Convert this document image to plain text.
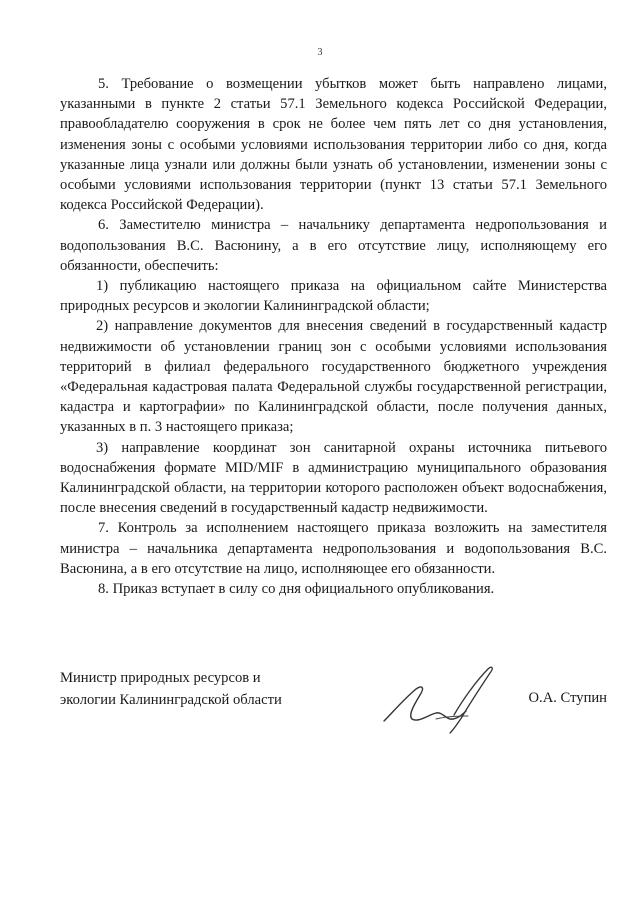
3

5. Требование о возмещении убытков может быть направлено лицами, указанными в пункте 2 статьи 57.1 Земельного кодекса Российской Федерации, правообладателю сооружения в срок не более чем пять лет со дня установления, изменения зоны с особыми условиями использования территории либо со дня, когда указанные лица узнали или должны были узнать об установлении, изменении зоны с особыми условиями использования территории (пункт 13 статьи 57.1 Земельного кодекса Российской Федерации).

6. Заместителю министра – начальнику департамента недропользования и водопользования В.С. Васюнину, а в его отсутствие лицу, исполняющему его обязанности, обеспечить:

1) публикацию настоящего приказа на официальном сайте Министерства природных ресурсов и экологии Калининградской области;

2) направление документов для внесения сведений в государственный кадастр недвижимости об установлении границ зон с особыми условиями использования территорий в филиал федерального государственного бюджетного учреждения «Федеральная кадастровая палата Федеральной службы государственной регистрации, кадастра и картографии» по Калининградской области, после получения данных, указанных в п. 3 настоящего приказа;

3) направление координат зон санитарной охраны источника питьевого водоснабжения формате MID/MIF в администрацию муниципального образования Калининградской области, на территории которого расположен объект водоснабжения, после внесения сведений в государственный кадастр недвижимости.

7. Контроль за исполнением настоящего приказа возложить на заместителя министра – начальника департамента недропользования и водопользования В.С. Васюнина, а в его отсутствие на лицо, исполняющее его обязанности.

8. Приказ вступает в силу со дня официального опубликования.

Министр природных ресурсов и
экологии Калининградской области	О.А. Ступин
